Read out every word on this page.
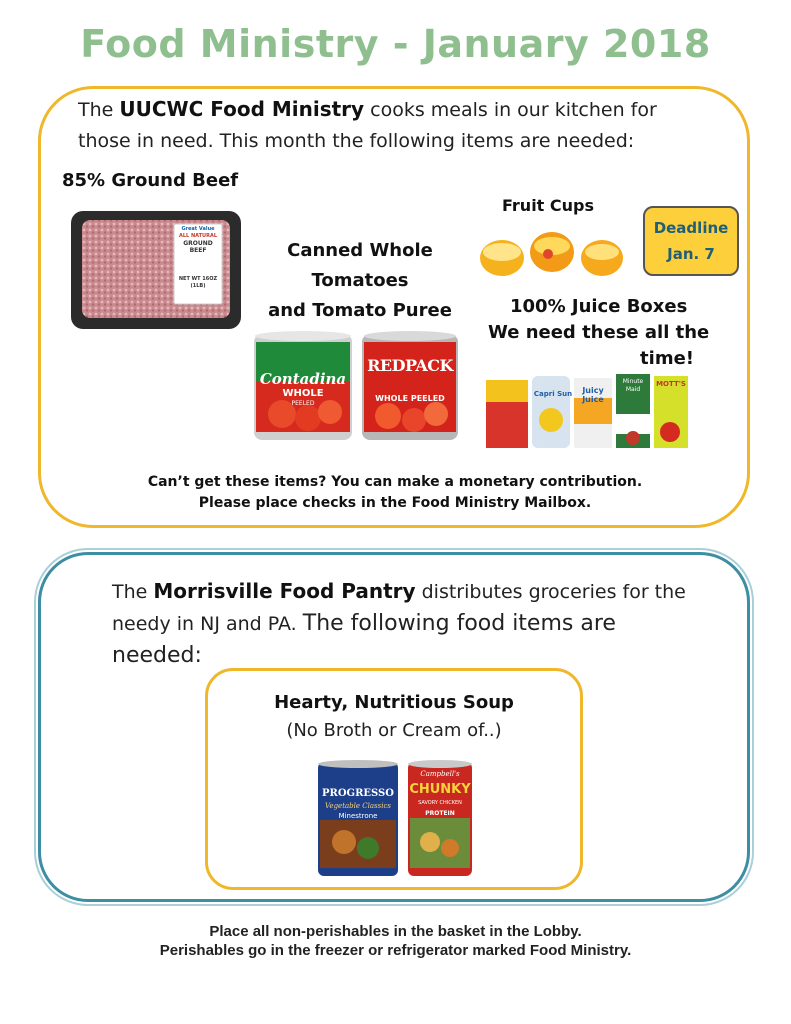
Food Ministry - January 2018
The UUCWC Food Ministry cooks meals in our kitchen for
those in need. This month the following items are needed:
85% Ground Beef
Great Value
ALL NATURAL
GROUND
BEEF
NET WT 16OZ (1LB)
Canned Whole
Tomatoes
and Tomato Puree
Contadina
WHOLE
PEELED
REDPACK
WHOLE PEELED
Fruit Cups
Deadline
Jan. 7
100% Juice Boxes
We need these all the
time!
Capri Sun	Juicy Juice
Minute Maid
MOTT'S
Can’t get these items? You can make a monetary contribution.
Please place checks in the Food Ministry Mailbox.
The Morrisville Food Pantry distributes groceries for the
needy in NJ and PA. The following food items are
needed:
Hearty, Nutritious Soup
(No Broth or Cream of..)
PROGRESSO
Vegetable Classics
Minestrone
Campbell's
CHUNKY
SAVORY CHICKEN
PROTEIN
Place all non-perishables in the basket in the Lobby.
Perishables go in the freezer or refrigerator marked Food Ministry.
